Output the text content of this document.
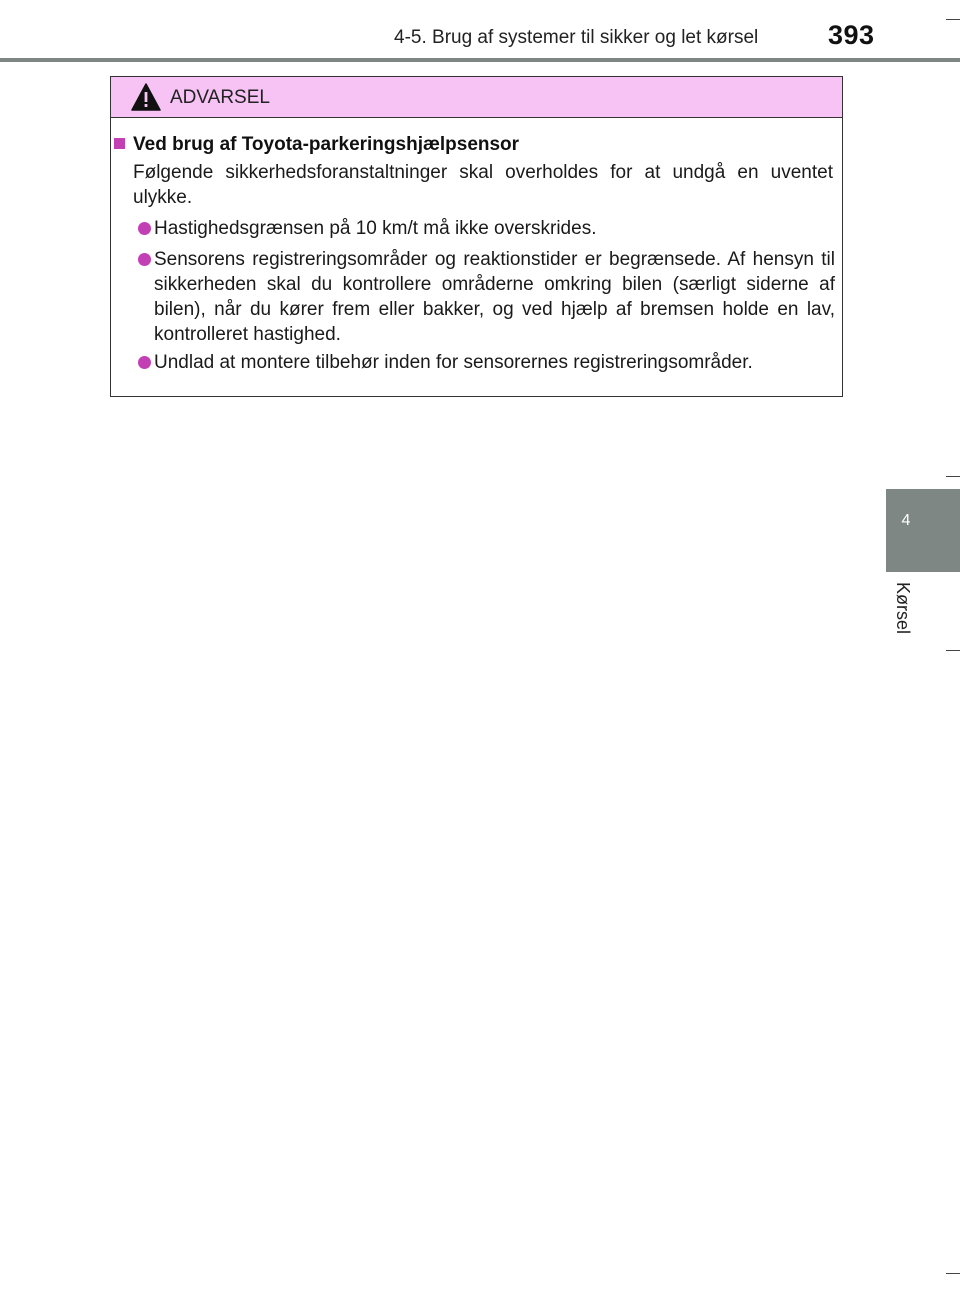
4-5. Brug af systemer til sikker og let kørsel	393
4
Kørsel
ADVARSEL
Ved brug af Toyota-parkeringshjælpsensor
Følgende sikkerhedsforanstaltninger skal overholdes for at undgå en uventet ulykke.
Hastighedsgrænsen på 10 km/t må ikke overskrides.
Sensorens registreringsområder og reaktionstider er begrænsede. Af hensyn til sikkerheden skal du kontrollere områderne omkring bilen (særligt siderne af bilen), når du kører frem eller bakker, og ved hjælp af bremsen holde en lav, kontrolleret hastighed.
Undlad at montere tilbehør inden for sensorernes registreringsområder.
